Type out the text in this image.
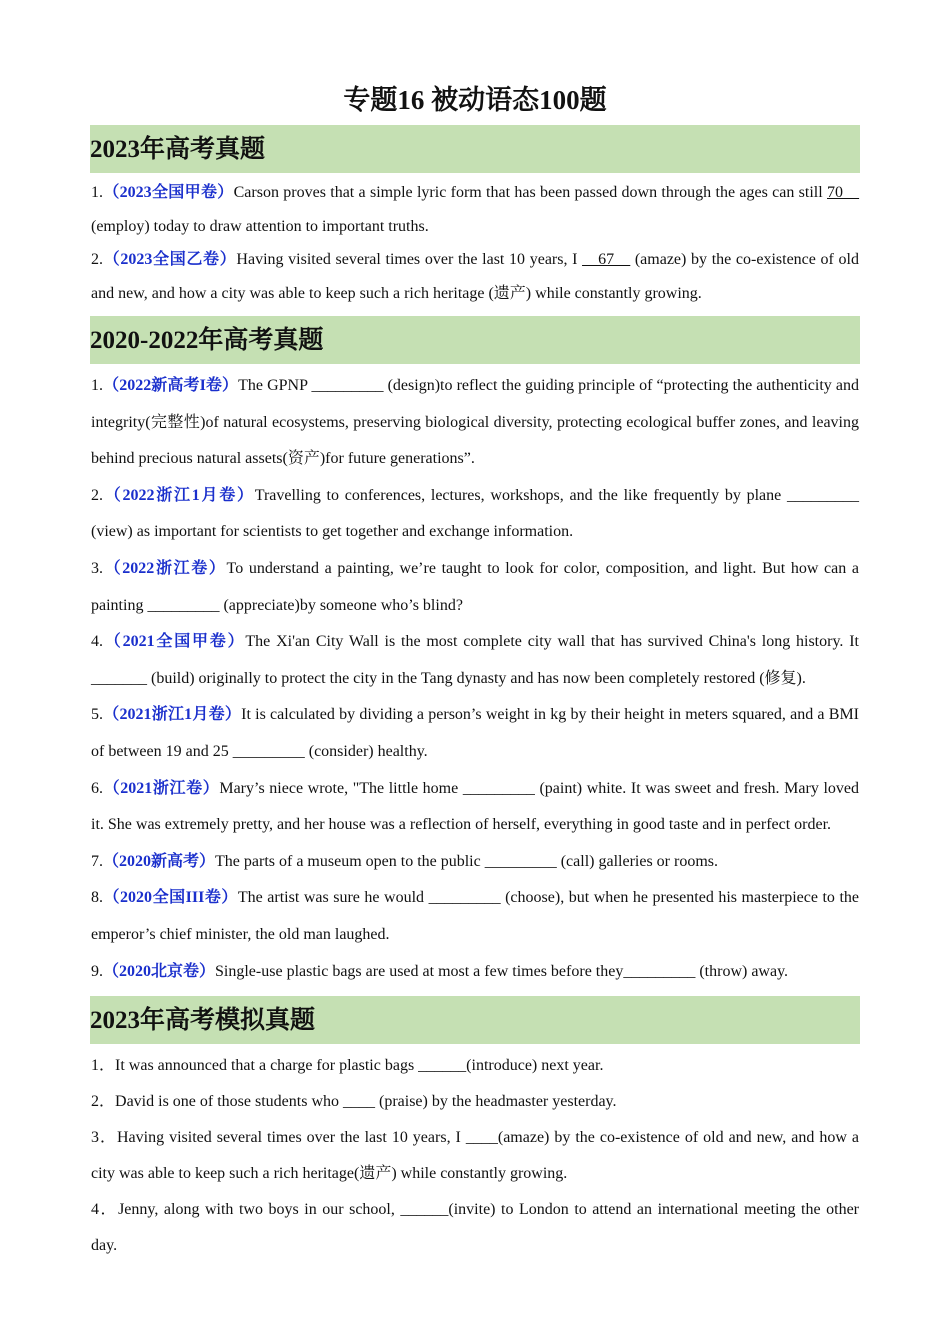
专题16 被动语态100题
2023年高考真题
1.（2023全国甲卷）Carson proves that a simple lyric form that has been passed down through the ages can still 70__ (employ) today to draw attention to important truths.
2.（2023全国乙卷）Having visited several times over the last 10 years, I __67__ (amaze) by the co-existence of old and new, and how a city was able to keep such a rich heritage (遗产) while constantly growing.
2020-2022年高考真题
1.（2022新高考I卷）The GPNP _________ (design)to reflect the guiding principle of “protecting the authenticity and integrity(完整性)of natural ecosystems, preserving biological diversity, protecting ecological buffer zones, and leaving behind precious natural assets(资产)for future generations”.
2.（2022浙江1月卷）Travelling to conferences, lectures, workshops, and the like frequently by plane _________ (view) as important for scientists to get together and exchange information.
3.（2022浙江卷）To understand a painting, we’re taught to look for color, composition, and light. But how can a painting _________ (appreciate)by someone who’s blind?
4.（2021全国甲卷）The Xi'an City Wall is the most complete city wall that has survived China's long history. It _______ (build) originally to protect the city in the Tang dynasty and has now been completely restored (修复).
5.（2021浙江1月卷）It is calculated by dividing a person’s weight in kg by their height in meters squared, and a BMI of between 19 and 25 _________ (consider) healthy.
6.（2021浙江卷）Mary’s niece wrote, "The little home _________ (paint) white. It was sweet and fresh. Mary loved it. She was extremely pretty, and her house was a reflection of herself, everything in good taste and in perfect order.
7.（2020新高考）The parts of a museum open to the public _________ (call) galleries or rooms.
8.（2020全国III卷）The artist was sure he would _________ (choose), but when he presented his masterpiece to the emperor’s chief minister, the old man laughed.
9.（2020北京卷）Single-use plastic bags are used at most a few times before they_________ (throw) away.
2023年高考模拟真题
1．It was announced that a charge for plastic bags ______(introduce) next year.
2．David is one of those students who ____ (praise) by the headmaster yesterday.
3．Having visited several times over the last 10 years, I ____(amaze) by the co-existence of old and new, and how a city was able to keep such a rich heritage(遗产) while constantly growing.
4．Jenny, along with two boys in our school, ______(invite) to London to attend an international meeting the other day.
